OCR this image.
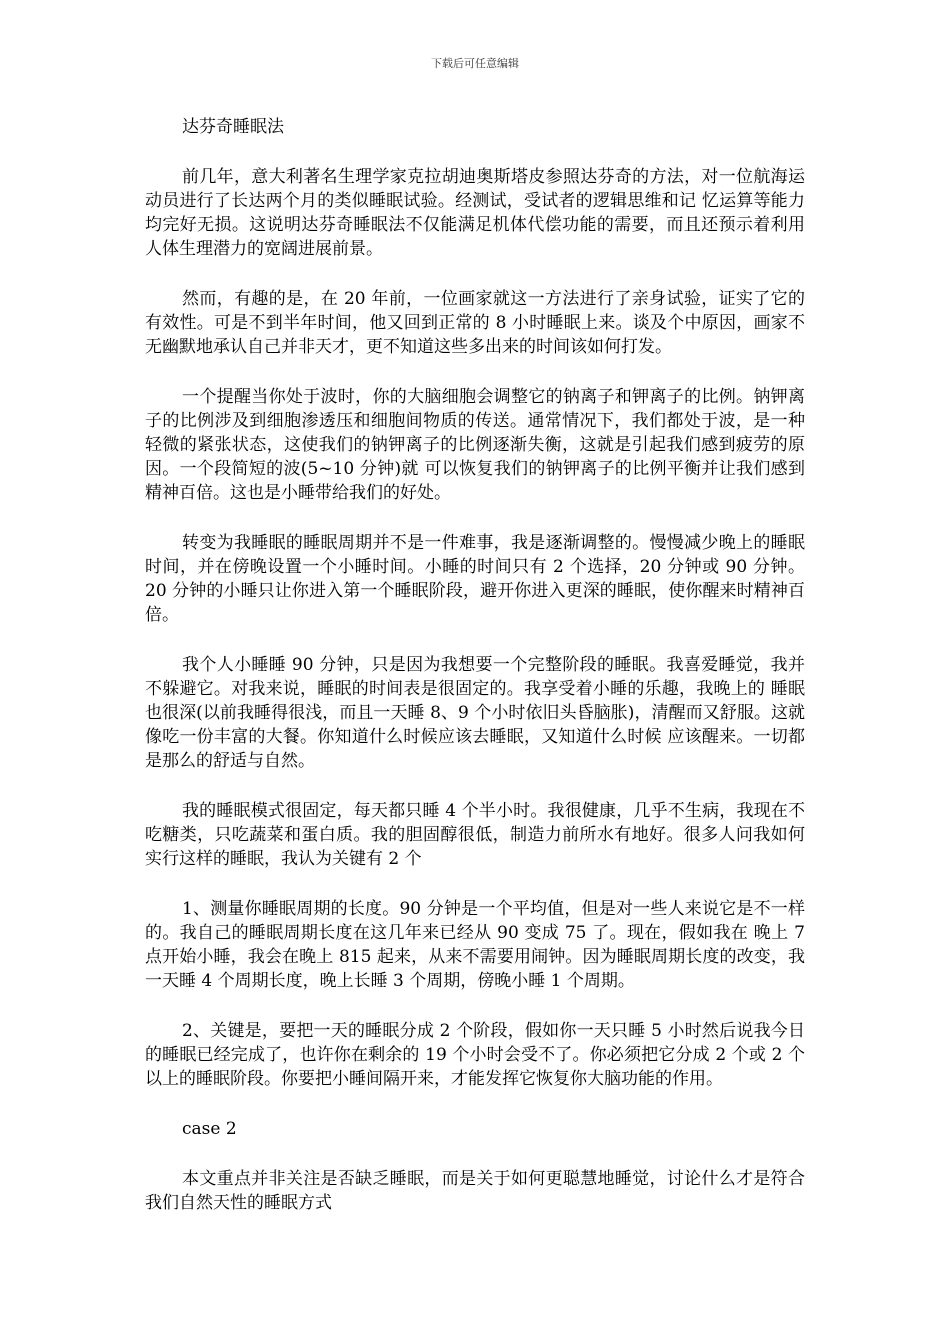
下载后可任意编辑
达芬奇睡眠法

前几年，意大利著名生理学家克拉胡迪奥斯塔皮参照达芬奇的方法，对一位航海运动员进行了长达两个月的类似睡眠试验。经测试，受试者的逻辑思维和记 忆运算等能力均完好无损。这说明达芬奇睡眠法不仅能满足机体代偿功能的需要，而且还预示着利用人体生理潜力的宽阔进展前景。

然而，有趣的是，在 20 年前，一位画家就这一方法进行了亲身试验，证实了它的有效性。可是不到半年时间，他又回到正常的 8 小时睡眠上来。谈及个中原因，画家不无幽默地承认自己并非天才，更不知道这些多出来的时间该如何打发。

一个提醒当你处于波时，你的大脑细胞会调整它的钠离子和钾离子的比例。钠钾离子的比例涉及到细胞渗透压和细胞间物质的传送。通常情况下，我们都处于波，是一种轻微的紧张状态，这使我们的钠钾离子的比例逐渐失衡，这就是引起我们感到疲劳的原因。一个段简短的波(5~10 分钟)就 可以恢复我们的钠钾离子的比例平衡并让我们感到精神百倍。这也是小睡带给我们的好处。

转变为我睡眠的睡眠周期并不是一件难事，我是逐渐调整的。慢慢减少晚上的睡眠时间，并在傍晚设置一个小睡时间。小睡的时间只有 2 个选择，20 分钟或 90 分钟。20 分钟的小睡只让你进入第一个睡眠阶段，避开你进入更深的睡眠，使你醒来时精神百倍。

我个人小睡睡 90 分钟，只是因为我想要一个完整阶段的睡眠。我喜爱睡觉，我并不躲避它。对我来说，睡眠的时间表是很固定的。我享受着小睡的乐趣，我晚上的 睡眠也很深(以前我睡得很浅，而且一天睡 8、9 个小时依旧头昏脑胀)，清醒而又舒服。这就像吃一份丰富的大餐。你知道什么时候应该去睡眠，又知道什么时候 应该醒来。一切都是那么的舒适与自然。

我的睡眠模式很固定，每天都只睡 4 个半小时。我很健康，几乎不生病，我现在不吃糖类，只吃蔬菜和蛋白质。我的胆固醇很低，制造力前所水有地好。很多人问我如何实行这样的睡眠，我认为关键有 2 个

1、测量你睡眠周期的长度。90 分钟是一个平均值，但是对一些人来说它是不一样的。我自己的睡眠周期长度在这几年来已经从 90 变成 75 了。现在，假如我在 晚上 7 点开始小睡，我会在晚上 815 起来，从来不需要用闹钟。因为睡眠周期长度的改变，我一天睡 4 个周期长度，晚上长睡 3 个周期，傍晚小睡 1 个周期。

2、关键是，要把一天的睡眠分成 2 个阶段，假如你一天只睡 5 小时然后说我今日的睡眠已经完成了，也许你在剩余的 19 个小时会受不了。你必须把它分成 2 个或 2 个以上的睡眠阶段。你要把小睡间隔开来，才能发挥它恢复你大脑功能的作用。

case 2

本文重点并非关注是否缺乏睡眠，而是关于如何更聪慧地睡觉，讨论什么才是符合我们自然天性的睡眠方式
